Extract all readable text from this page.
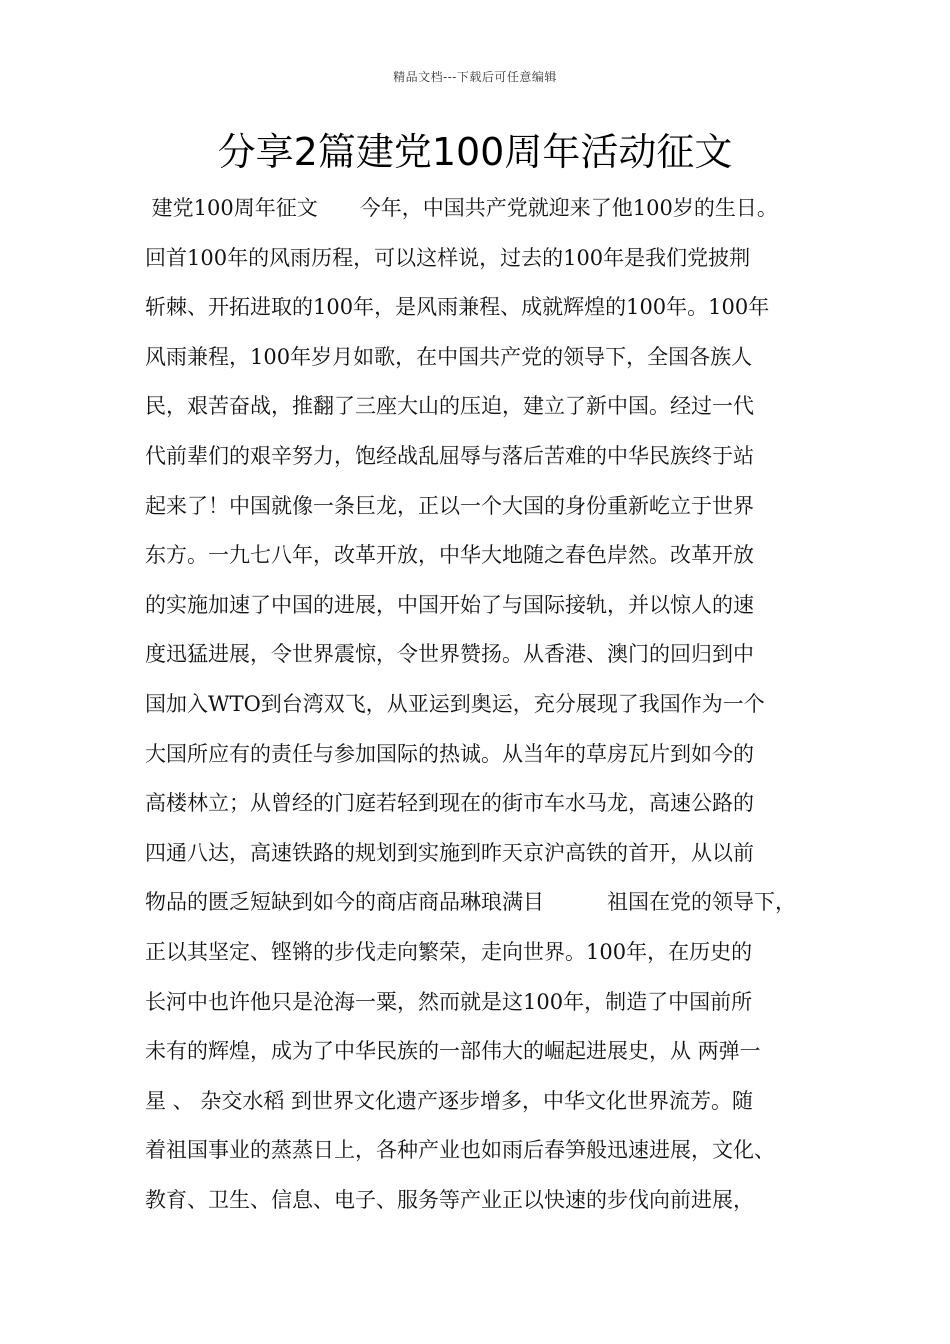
精品文档---下载后可任意编辑
分享2篇建党100周年活动征文
建党100周年征文　　今年，中国共产党就迎来了他100岁的生日。
回首100年的风雨历程，可以这样说，过去的100年是我们党披荆
斩棘、开拓进取的100年，是风雨兼程、成就辉煌的100年。100年
风雨兼程，100年岁月如歌，在中国共产党的领导下，全国各族人
民，艰苦奋战，推翻了三座大山的压迫，建立了新中国。经过一代
代前辈们的艰辛努力，饱经战乱屈辱与落后苦难的中华民族终于站
起来了！中国就像一条巨龙，正以一个大国的身份重新屹立于世界
东方。一九七八年，改革开放，中华大地随之春色岸然。改革开放
的实施加速了中国的进展，中国开始了与国际接轨，并以惊人的速
度迅猛进展，令世界震惊，令世界赞扬。从香港、澳门的回归到中
国加入WTO到台湾双飞，从亚运到奥运，充分展现了我国作为一个
大国所应有的责任与参加国际的热诚。从当年的草房瓦片到如今的
高楼林立；从曾经的门庭若轻到现在的街市车水马龙，高速公路的
四通八达，高速铁路的规划到实施到昨天京沪高铁的首开，从以前
物品的匮乏短缺到如今的商店商品琳琅满目　　　祖国在党的领导下，
正以其坚定、铿锵的步伐走向繁荣，走向世界。100年，在历史的
长河中也许他只是沧海一粟，然而就是这100年，制造了中国前所
未有的辉煌，成为了中华民族的一部伟大的崛起进展史，从 两弹一
星 、 杂交水稻 到世界文化遗产逐步增多，中华文化世界流芳。随
着祖国事业的蒸蒸日上，各种产业也如雨后春笋般迅速进展，文化、
教育、卫生、信息、电子、服务等产业正以快速的步伐向前进展，
